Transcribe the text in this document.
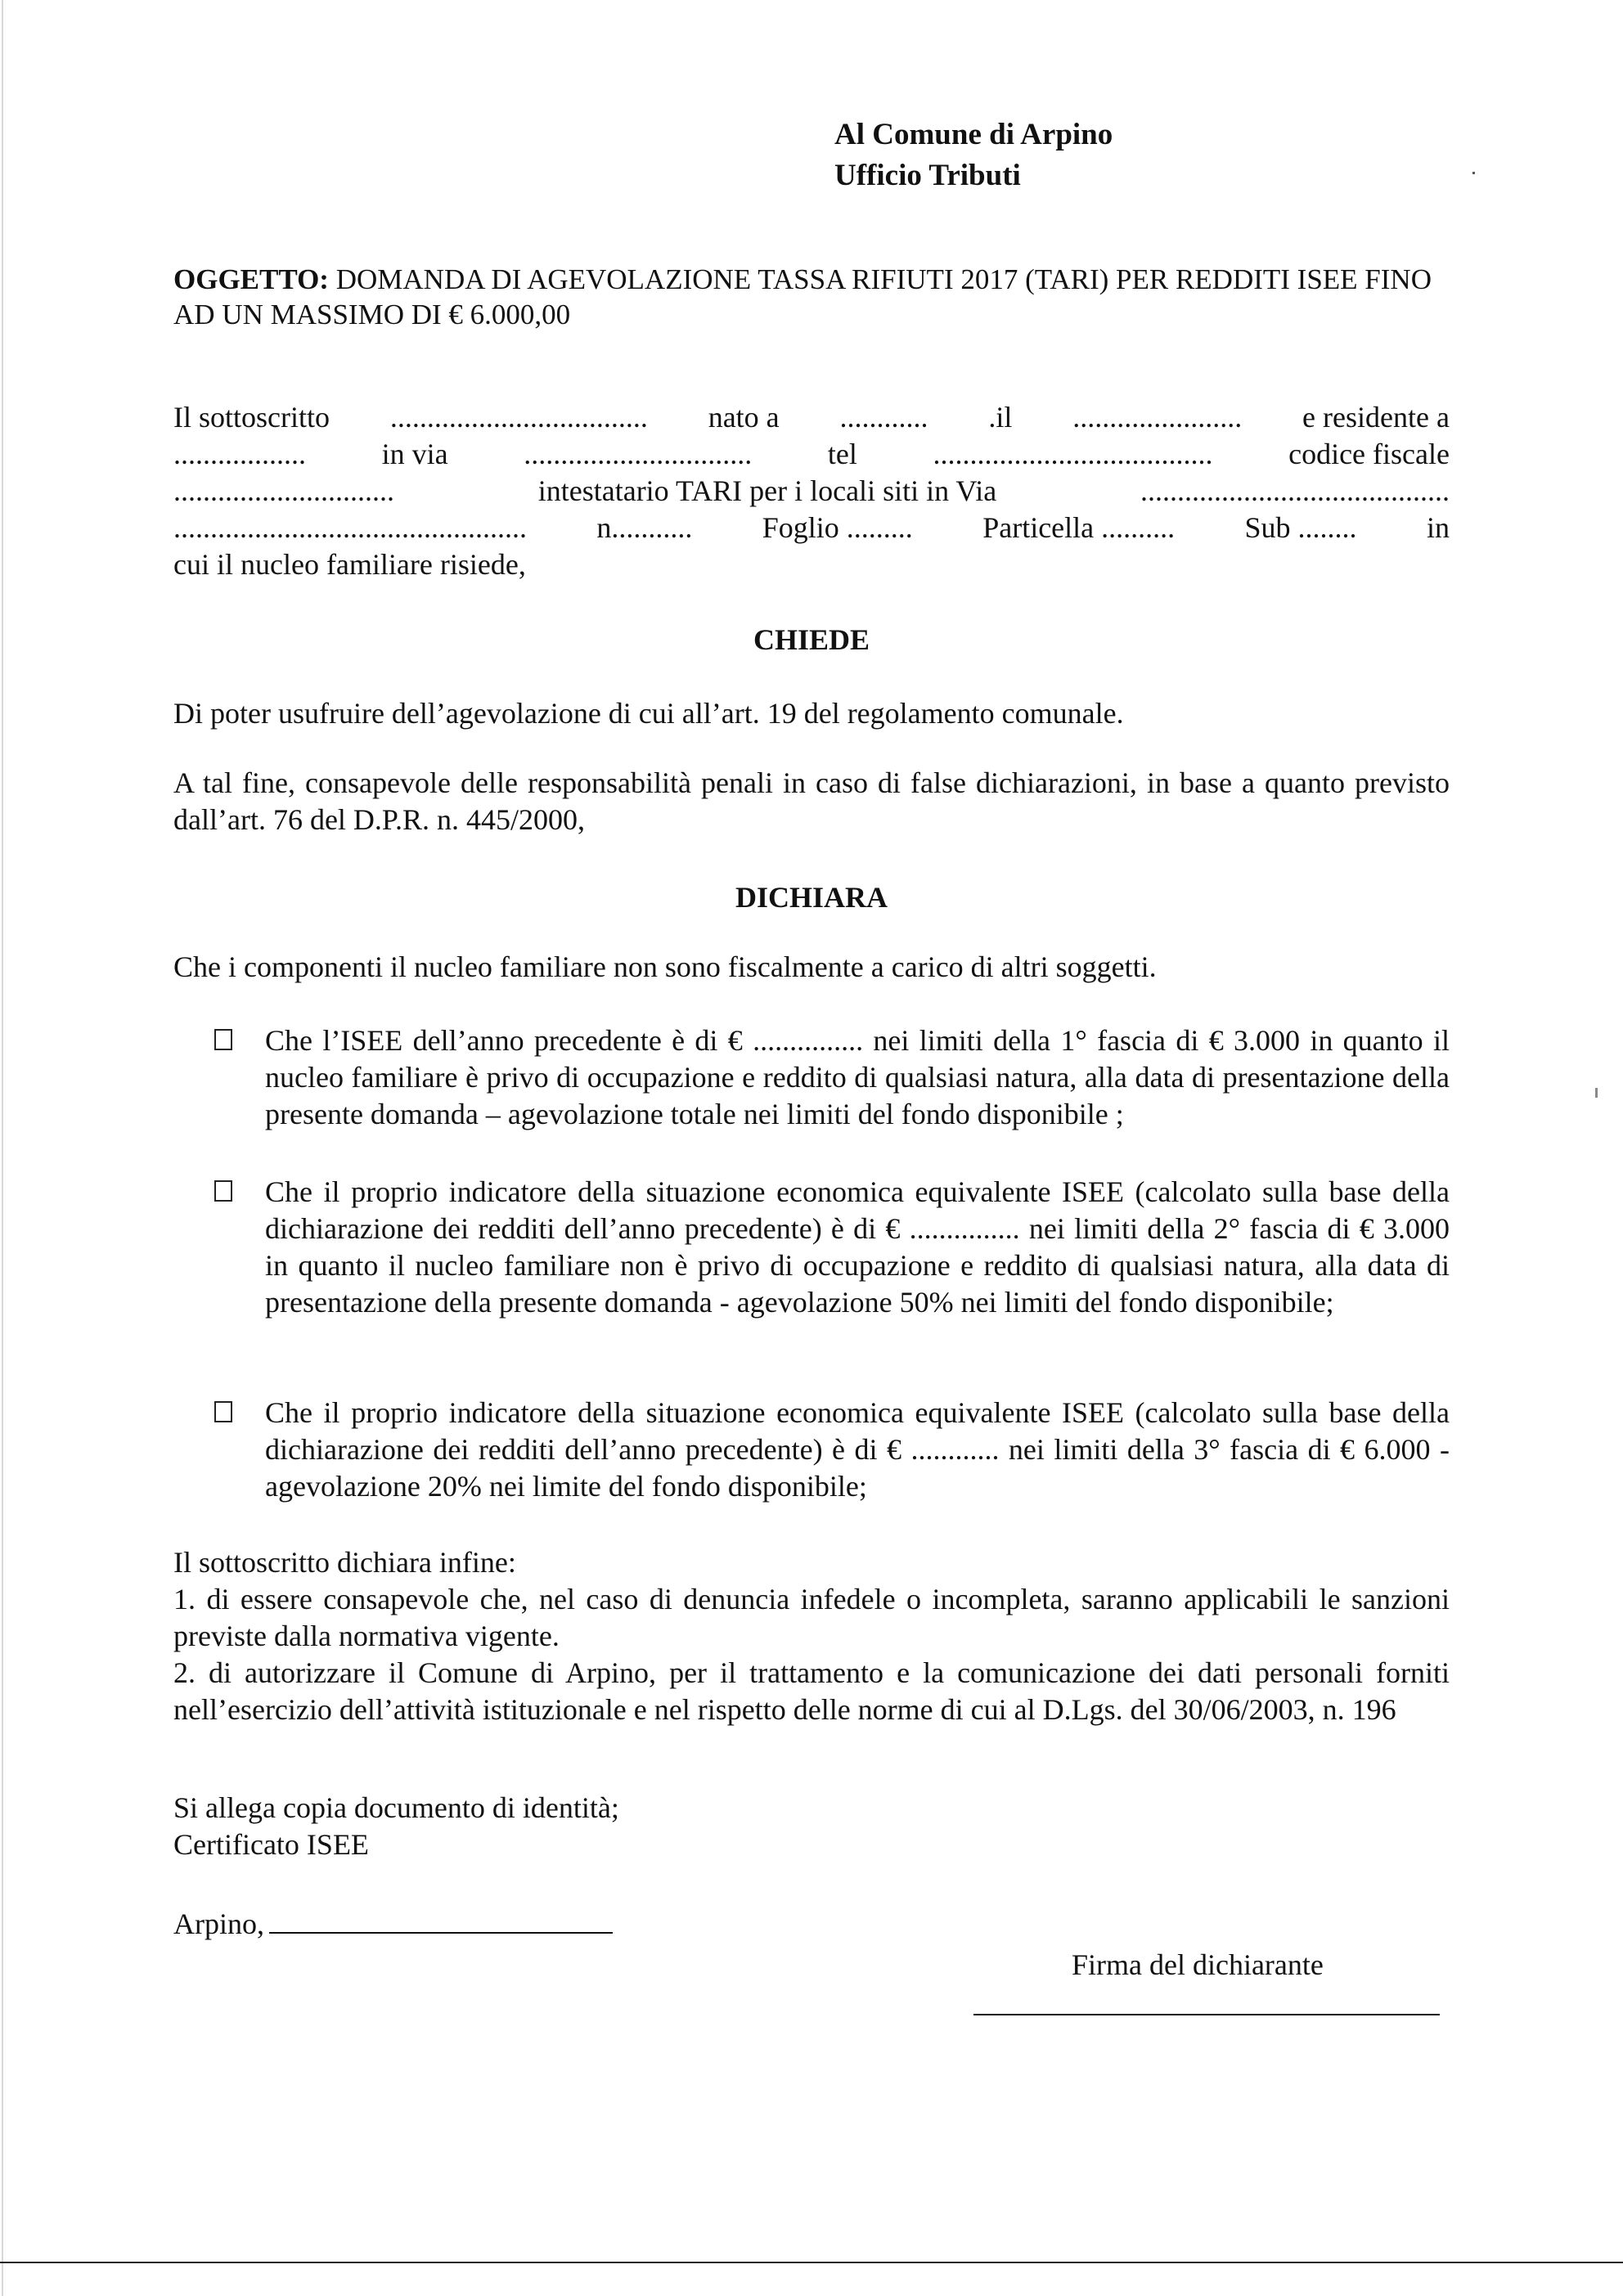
Al Comune di Arpino
Ufficio Tributi
OGGETTO: DOMANDA DI AGEVOLAZIONE TASSA RIFIUTI 2017 (TARI) PER REDDITI ISEE FINO AD UN MASSIMO DI € 6.000,00
Il sottoscritto ................................... nato a ............ .il ....................... e residente a
..................	in via	...............................	tel	......................................	codice fiscale
..............................	intestatario TARI per i locali siti in Via	..........................................
................................................ n........... Foglio ......... Particella .......... Sub ........ in
cui il nucleo familiare risiede,
CHIEDE
Di poter usufruire dell’agevolazione di cui all’art. 19 del regolamento comunale.
A tal fine, consapevole delle responsabilità penali in caso di false dichiarazioni, in base a quanto previsto dall’art. 76 del D.P.R. n. 445/2000,
DICHIARA
Che i componenti il nucleo familiare non sono fiscalmente a carico di altri soggetti.
Che l’ISEE dell’anno precedente è di € ............... nei limiti della 1° fascia di € 3.000 in quanto il nucleo familiare è privo di occupazione e reddito di qualsiasi natura, alla data di presentazione della presente domanda – agevolazione totale nei limiti del fondo disponibile ;
Che il proprio indicatore della situazione economica equivalente ISEE (calcolato sulla base della dichiarazione dei redditi dell’anno precedente) è di € ............... nei limiti della 2° fascia di € 3.000 in quanto il nucleo familiare non è privo di occupazione e reddito di qualsiasi natura, alla data di presentazione della presente domanda - agevolazione 50% nei limiti del fondo disponibile;
Che il proprio indicatore della situazione economica equivalente ISEE (calcolato sulla base della dichiarazione dei redditi dell’anno precedente) è di € ............ nei limiti della 3° fascia di € 6.000 - agevolazione 20% nei limite del fondo disponibile;
Il sottoscritto dichiara infine:
1. di essere consapevole che, nel caso di denuncia infedele o incompleta, saranno applicabili le sanzioni previste dalla normativa vigente.
2. di autorizzare il Comune di Arpino, per il trattamento e la comunicazione dei dati personali forniti nell’esercizio dell’attività istituzionale e nel rispetto delle norme di cui al D.Lgs. del 30/06/2003, n. 196
Si allega copia documento di identità;
Certificato ISEE
Arpino,
Firma del dichiarante
